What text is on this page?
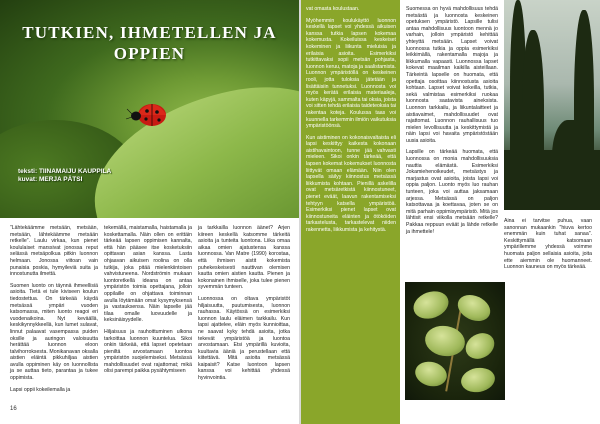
TUTKIEN, IHMETELLEN JA OPPIEN
teksti: TIINAMAIJU KAUPPILA
kuvat: MERJA PÄTSI

”Lähtekäämme metsään, metsään, metsään, lähtekäämme metsään retkelle”. Laulu virkaa, kun pienet koululaiset marssivat jonossa reput selässä metsäpolkua pitkin luonnon helmaan. Jonossa viitoan vain punaisia poskia, hymyileviä suita ja innostunutta ilmettä.

Suomen luonto on täynnä ihmeellisiä asioita. Tietä ei tule kiviseen koulun tiedostettua. On tärkeää käydä metsässä ympäri vuoden katsomassa, miten luonto reagoi eri vuodenaikoina. Nyt keväällä, keskikynnykkeellä, kun lumet sulavat, linnut palaavat vasempassa puiden oksille ja auringon valoisuutta herättää luonnon eloon talvihorroksesta. Monikanavan oksalla aistien eläintä pikkuhiljaa aistien avulla oppiminen käy on luonnollista ja se auttaa tieto, parantaa ja tukee oppimista.

Lapsi oppii kokeilemalla ja

tekemällä, maistamalla, haistamalla ja koskettamalla. Näin ollen on erittäin tärkeää lapsen oppimisen kannalta, että hän pääsee itse kosketuksiin opittavan asian kanssa. Lasta ohjaavan aikuisen roolina on olla tutkija, joka pitää mielenkiintoisen vahvistuneena. Nordströmin mukaan luontoretkellä ideana on antaa ympäristön toimia opettajana, jolloin oppilaille on ohjattava toiminnan avulla löytämään omat kysymyksensä ja vastauksensa. Näin lapselle jää tilaa omalle luovuudelle ja keksinäisyydelle.

Hiljaisuus ja rauhoittuminen ulkona tarkoittaa luonnon kuuntelua. Sikoi onkin tärkeää, että lapset opetetaan pieniltä arvostamaan luontoa ympäristön suojelemiseksi. Metsässä mahdollisuudet ovat rajattomat; mikä olisi parempi paikka pysähtymiseen

ja tarkkailla luonnon äänet? Arjen kiireen keskellä katsomme tärkeitä asioita ja tunteita luontona. Liika omaa aikaa omien ajatustensa kanssa luonnossa. Van Matre (1990) korostaa, että ihmisen aistit kokemista puhekeskeisesti nauttivan olemisen kautta omien aistien kautta. Pienen ja kokonainen ihmiselle, joka tulee pienen syvemmän tunteen.

Luonnossa on oltava ympäristöt hiljaisuutta, puutumisesta, luonnon rauhassa. Käytössä on esimerkiksi luonnon laulu eläimen tarkkailu. Kun lapsi ajattelee, eläin myös kunnioittaa, ne saavat kyky tehdä asioita, jotka tekevät ympäristöä ja luontoa arvostamaan. Etsi ympärillä kuvioita, kuultavia ääniä ja perustellaan että kiitettävä. Mitä asioita metsässä kaipaisit? Katse luontoon lapsen kanssa voi kehittää yhdessä hyvinvointia.

16

vat omasta koulustaan.

Myöhemmin koulukäyttö luonnon keskellä lapset voi yhdessä aikuisen kanssa tutkia lapsen kokemaa kokemusta. Kokeiluissa keskeiset kokeminen ja liikunta mieluisia ja erilaisia asioita. Esimerkiksi tutkittavaksi sopii metsän pohjasta, luonnon keruu, matoja ja saalistamista. Luonnon ympäristöllä on keskeinen rooli, jotta tuloksia jätetään ja lisättäisiin tunnetuksi. Luonnosta voi myös kerätä erilaisia materiaaleja, kuten käpyjä, sammalta tai oksia, joista voi sitten tehdä erilaisia taideteoksia tai rakentaa koteja. Koulussa taas voi kuunnella tarkemmin ilmiön vaikutuksia ympäristöönsä.

Kun aistiminen on kokonaisvaltaista eli lapsi keskittyy kaikesta kokonaan aistihavaintoon, tunne jää vahvasti mieleen. Sikoi onkin tärkeää, että lapsen kokemat kokemukset luonnosta liittyvät omaan elämään. Niin olen lapsella säilyy kiinnostus metsässä liikkumista kohtaan. Pienillä askelilla ovat metsäretkistä kiinnostuneet, pienet eväät, laavun rakentamiseksi tehtyyn katsella ympäristöä. Esimerkiksi pienet lapset ovat kiinnostuneita eläinten ja ötököiden tarkastelusta, tarkastelevat niiden rakennetta, liikkumista ja kehitystä.

Suomessa on hyvä mahdollisuus tehdä metsästä ja luonnosta keskeinen opetuksen ympäristö. Lapsille tulisi antaa mahdollisuus luontoon mennä jo varhain, jolloin ympäristö kehittää yhteyttä metsään. Lapset voivat luonnossa tutkia ja oppia esimerkiksi leikkimällä, rakentamalla majoja ja liikkumalla vapaasti. Luonnossa lapset kokevat maailman kaikilla aisteillaan. Tärkeintä lapselle on huomata, että opettaja osoittaa kiinnostusta asioita kohtaan. Lapset voivat kokeilla, tutkia, sekä valmistaa esimerkiksi ruokaa luonnosta saatavista aineksista. Luonnon tarkkailu, ja liikuntalaitteet ja aistiavaimet, mahdollisuudet ovat rajattomat. Luonnon rauhallisuus tuo mielen levollisuutta ja keskittymistä ja näin lapsi voi havaita ympäristöstään uusia asioita.

Lapsille on tärkeää huomata, että luonnossa on monia mahdollisuuksia nauttia elämästä. Esimerkiksi Jokamiehenoikeudet, metsästys ja marjastus ovat asioita, joista lapsi voi oppia paljon. Luonto myös luo rauhan tunteen, joka voi auttaa jaksamaan arjessa. Metsässä on paljon katsottavaa ja koettavaa, joten se on mitä parhain oppimisympäristö. Mitä jos lähtisit ensi viikolla metsään retkelle? Pakkaa reppuun eväät ja lähde retkelle ja ihmettele!

Aina ei tarvitse puhua, vaan sanonnan mukaankin "hiuva kertoo enemmän kuin tuhat sanaa". Keskittymällä katsomaan ympärillemme yhdessä voimme huomata paljon sellaisia asioita, joita ette aiemmin ole huomanneet. Luonnon kauneus on myös tärkeää.
